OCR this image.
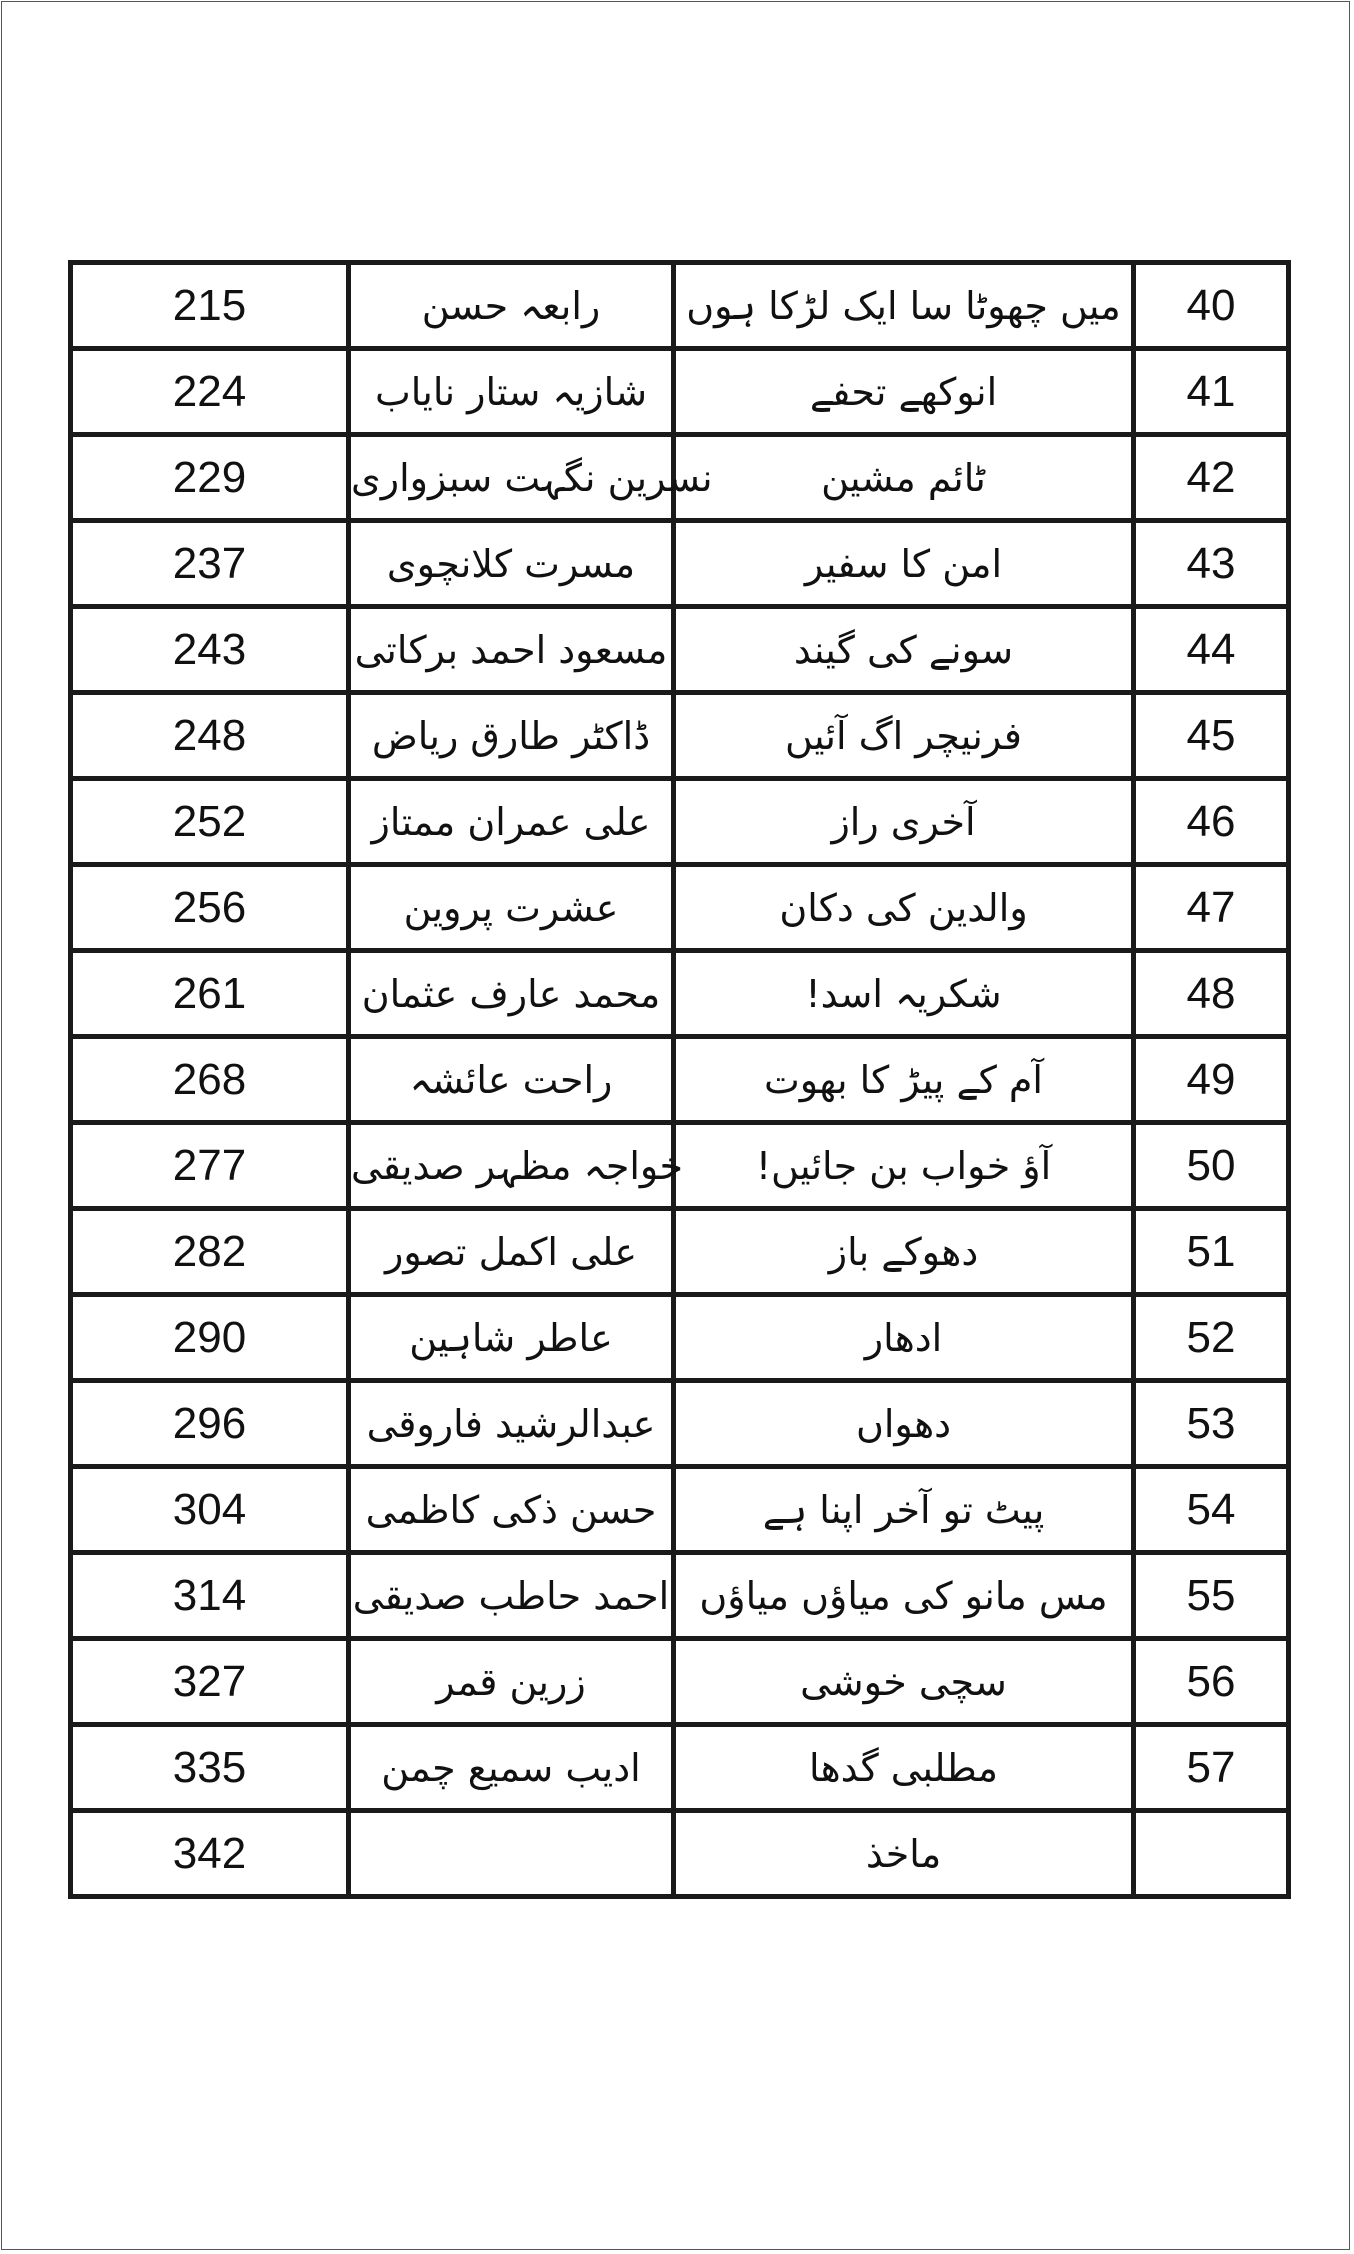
215	رابعہ حسن	میں چھوٹا سا ایک لڑکا ہوں	40
224	شازیہ ستار نایاب	انوکھے تحفے	41
229	نسرین نگہت سبزواری	ٹائم مشین	42
237	مسرت کلانچوی	امن کا سفیر	43
243	مسعود احمد برکاتی	سونے کی گیند	44
248	ڈاکٹر طارق ریاض	فرنیچر اگ آئیں	45
252	علی عمران ممتاز	آخری راز	46
256	عشرت پروین	والدین کی دکان	47
261	محمد عارف عثمان	شکریہ اسد!	48
268	راحت عائشہ	آم کے پیڑ کا بھوت	49
277	خواجہ مظہر صدیقی	آؤ خواب بن جائیں!	50
282	علی اکمل تصور	دھوکے باز	51
290	عاطر شاہین	ادھار	52
296	عبدالرشید فاروقی	دھواں	53
304	حسن ذکی کاظمی	پیٹ تو آخر اپنا ہے	54
314	احمد حاطب صدیقی	مس مانو کی میاؤں میاؤں	55
327	زرین قمر	سچی خوشی	56
335	ادیب سمیع چمن	مطلبی گدھا	57
342		ماخذ	
